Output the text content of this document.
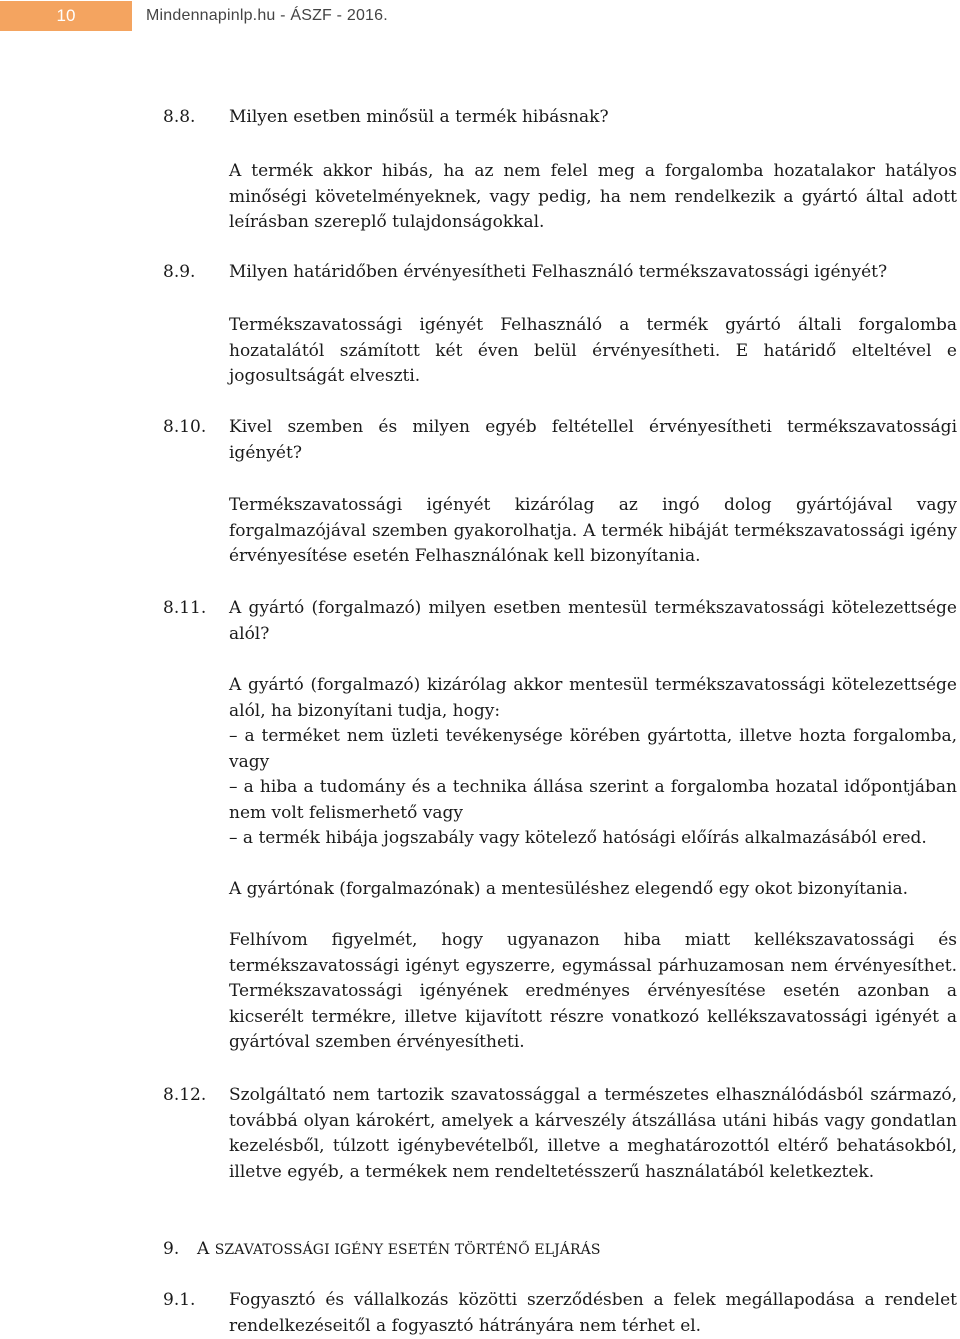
10	Mindennapinlp.hu - ÁSZF - 2016.
8.8. Milyen esetben minősül a termék hibásnak?
A termék akkor hibás, ha az nem felel meg a forgalomba hozatalakor hatályos minőségi követelményeknek, vagy pedig, ha nem rendelkezik a gyártó által adott leírásban szereplő tulajdonságokkal.
8.9. Milyen határidőben érvényesítheti Felhasználó termékszavatossági igényét?
Termékszavatossági igényét Felhasználó a termék gyártó általi forgalomba hozatalától számított két éven belül érvényesítheti. E határidő elteltével e jogosultságát elveszti.
8.10. Kivel szemben és milyen egyéb feltétellel érvényesítheti termékszavatossági igényét?
Termékszavatossági igényét kizárólag az ingó dolog gyártójával vagy forgalmazójával szemben gyakorolhatja. A termék hibáját termékszavatossági igény érvényesítése esetén Felhasználónak kell bizonyítania.
8.11. A gyártó (forgalmazó) milyen esetben mentesül termékszavatossági kötelezettsége alól?
A gyártó (forgalmazó) kizárólag akkor mentesül termékszavatossági kötelezettsége alól, ha bizonyítani tudja, hogy:
– a terméket nem üzleti tevékenysége körében gyártotta, illetve hozta forgalomba, vagy
– a hiba a tudomány és a technika állása szerint a forgalomba hozatal időpontjában nem volt felismerhető vagy
– a termék hibája jogszabály vagy kötelező hatósági előírás alkalmazásából ered.
A gyártónak (forgalmazónak) a mentesüléshez elegendő egy okot bizonyítania.
Felhívom figyelmét, hogy ugyanazon hiba miatt kellékszavatossági és termékszavatossági igényt egyszerre, egymással párhuzamosan nem érvényesíthet. Termékszavatossági igényének eredményes érvényesítése esetén azonban a kicserélt termékre, illetve kijavított részre vonatkozó kellékszavatossági igényét a gyártóval szemben érvényesítheti.
8.12. Szolgáltató nem tartozik szavatossággal a természetes elhasználódásból származó, továbbá olyan károkért, amelyek a kárveszély átszállása utáni hibás vagy gondatlan kezelésből, túlzott igénybevételből, illetve a meghatározottól eltérő behatásokból, illetve egyéb, a termékek nem rendeltetésszerű használatából keletkeztek.
9. A SZAVATOSSÁGI IGÉNY ESETÉN TÖRTÉNŐ ELJÁRÁS
9.1. Fogyasztó és vállalkozás közötti szerződésben a felek megállapodása a rendelet rendelkezéseitől a fogyasztó hátrányára nem térhet el.
